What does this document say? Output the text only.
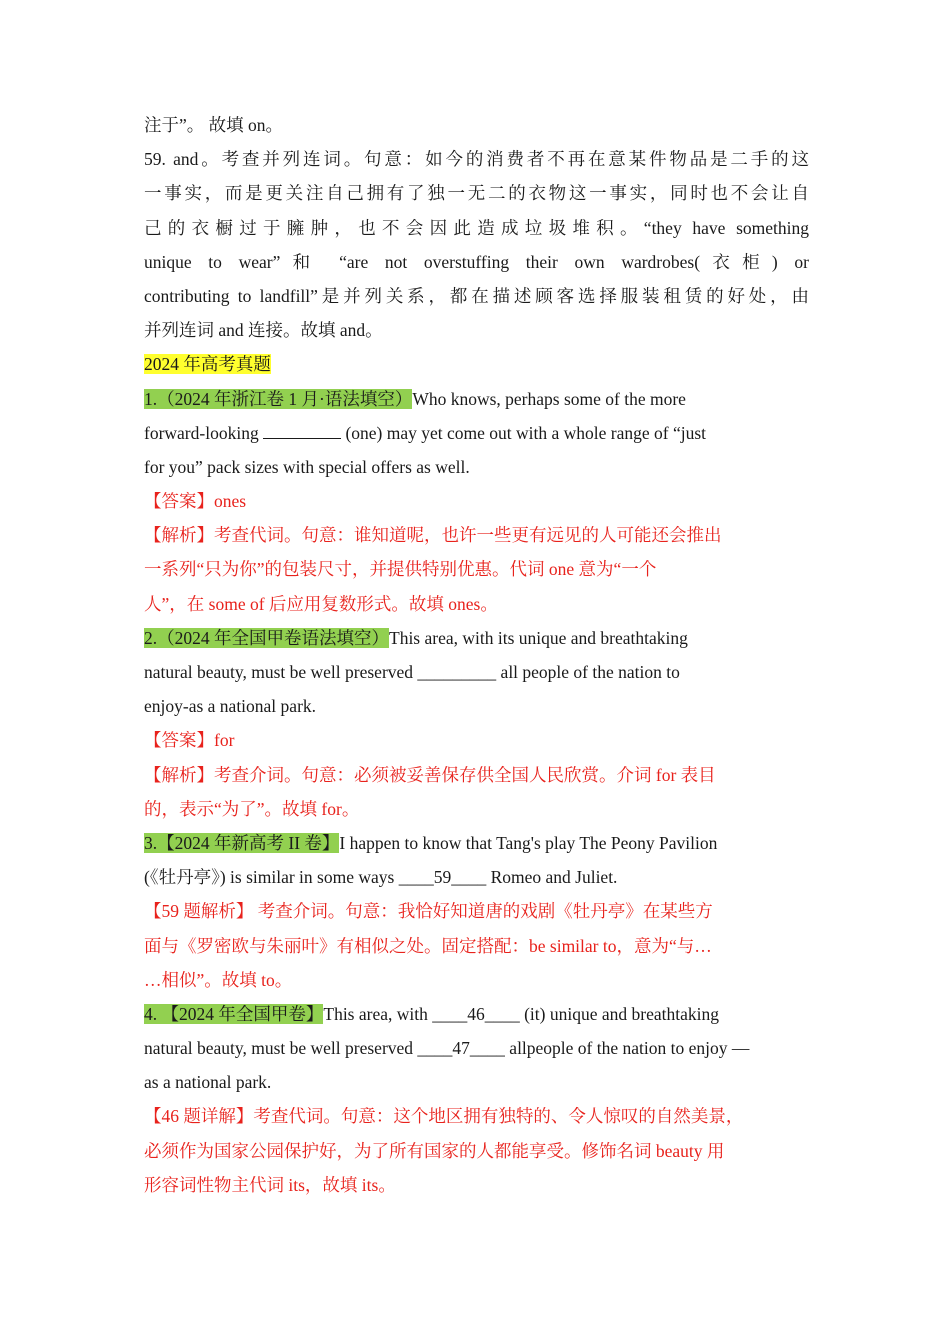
注于”。 故填 on。
59. and。考查并列连词。句意：如今的消费者不再在意某件物品是二手的这
一事实，而是更关注自己拥有了独一无二的衣物这一事实，同时也不会让自
己的衣橱过于臃肿，也不会因此造成垃圾堆积。“they have something
unique to wear”和 “are not overstuffing their own wardrobes(衣柜) or
contributing to landfill”是并列关系，都在描述顾客选择服装租赁的好处，由
并列连词 and 连接。故填 and。
2024 年高考真题
1.（2024 年浙江卷 1 月·语法填空）Who knows, perhaps some of the more
forward-looking	(one) may yet come out with a whole range of “just
for you” pack sizes with special offers as well.
【答案】ones
【解析】考查代词。句意：谁知道呢，也许一些更有远见的人可能还会推出
一系列“只为你”的包装尺寸，并提供特别优惠。代词 one 意为“一个
人”，在 some of 后应用复数形式。故填 ones。
2.（2024 年全国甲卷语法填空）This area, with its unique and breathtaking
natural beauty, must be well preserved _________ all people of the nation to
enjoy-as a national park.
【答案】for
【解析】考查介词。句意：必须被妥善保存供全国人民欣赏。介词 for 表目
的，表示“为了”。故填 for。
3.【2024 年新高考 II 卷】I happen to know that Tang's play The Peony Pavilion
(《牡丹亭》) is similar in some ways ____59____ Romeo and Juliet.
【59 题解析】 考查介词。句意：我恰好知道唐的戏剧《牡丹亭》在某些方
面与《罗密欧与朱丽叶》有相似之处。固定搭配：be similar to，意为“与…
…相似”。故填 to。
4. 【2024 年全国甲卷】This area, with ____46____ (it) unique and breathtaking
natural beauty, must be well preserved ____47____ allpeople of the nation to enjoy —
as a national park.
【46 题详解】考查代词。句意：这个地区拥有独特的、令人惊叹的自然美景，
必须作为国家公园保护好，为了所有国家的人都能享受。修饰名词 beauty 用
形容词性物主代词 its，故填 its。
